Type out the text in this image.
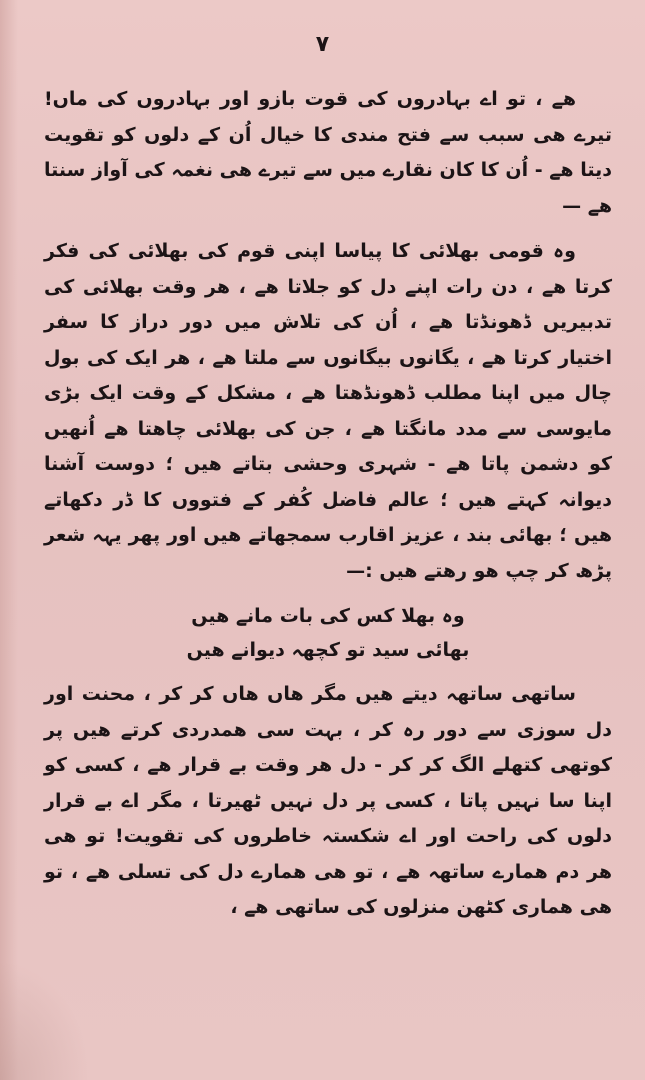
۷

ھے ، تو اے بہادروں کی قوت بازو اور بہادروں کی ماں! تیرے ھی سبب سے فتح مندی کا خیال اُن کے دلوں کو تقویت دیتا ھے - اُن کا کان نقارے میں سے تیرے ھی نغمہ کی آواز سنتا ھے —

وہ قومی بھلائی کا پیاسا اپنی قوم کی بھلائی کی فکر کرتا ھے ، دن رات اپنے دل کو جلاتا ھے ، ھر وقت بھلائی کی تدبیریں ڈھونڈتا ھے ، اُن کی تلاش میں دور دراز کا سفر اختیار کرتا ھے ، یگانوں بیگانوں سے ملتا ھے ، ھر ایک کی بول چال میں اپنا مطلب ڈھونڈھتا ھے ، مشکل کے وقت ایک بڑی مایوسی سے مدد مانگتا ھے ، جن کی بھلائی چاھتا ھے اُنھیں کو دشمن پاتا ھے - شہری وحشی بتاتے ھیں ؛ دوست آشنا دیوانہ کہتے ھیں ؛ عالم فاضل کُفر کے فتووں کا ڈر دکھاتے ھیں ؛ بھائی بند ، عزیز اقارب سمجھاتے ھیں اور پھر یہہ شعر پڑھ کر چپ ھو رھتے ھیں :—

وہ بھلا کس کی بات مانے ھیں
بھائی سید تو کچھہ دیوانے ھیں

ساتھی ساتھہ دیتے ھیں مگر ھاں ھاں کر کر ، محنت اور دل سوزی سے دور رہ کر ، بہت سی ھمدردی کرتے ھیں پر کوتھی کتھلے الگ کر کر - دل ھر وقت بے قرار ھے ، کسی کو اپنا سا نہیں پاتا ، کسی پر دل نہیں ٹھیرتا ، مگر اے بے قرار دلوں کی راحت اور اے شکستہ خاطروں کی تقویت! تو ھی ھر دم ھمارے ساتھہ ھے ، تو ھی ھمارے دل کی تسلی ھے ، تو ھی ھماری کٹھن منزلوں کی ساتھی ھے ،
